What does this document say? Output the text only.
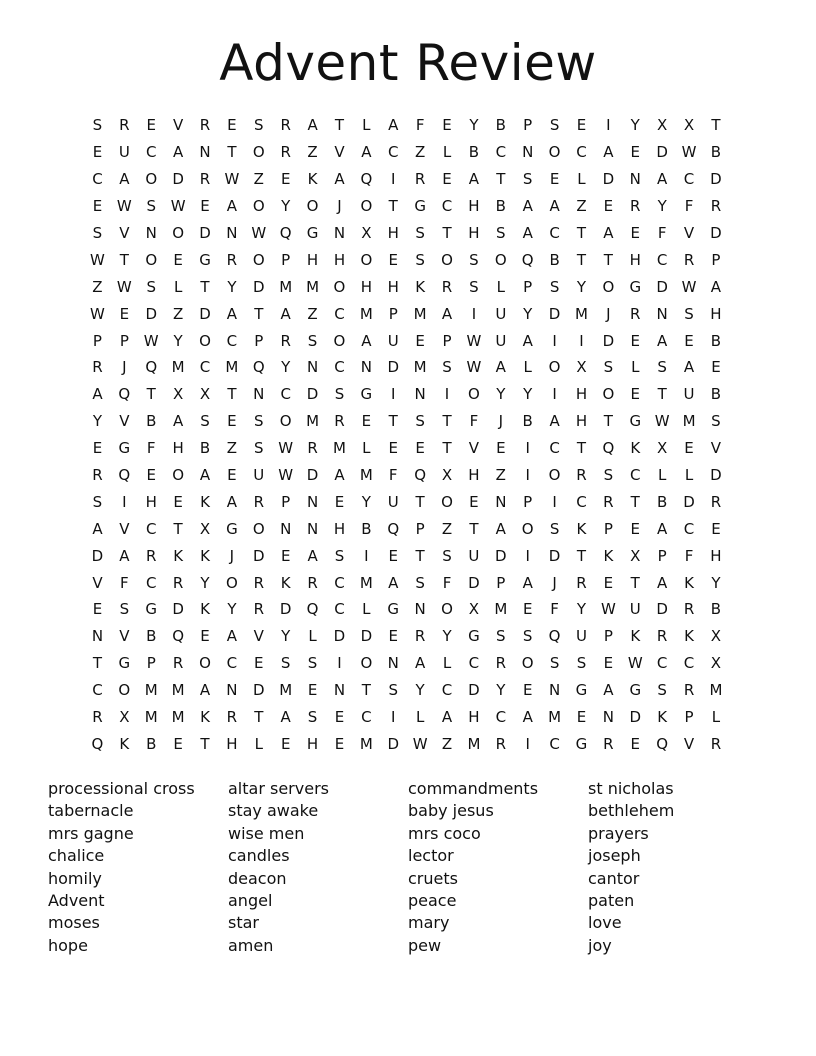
Advent Review
S	R	E	V	R	E	S	R	A	T	L	A	F	E	Y	B	P	S	E	I	Y	X	X	T
E	U	C	A	N	T	O	R	Z	V	A	C	Z	L	B	C	N	O	C	A	E	D W B
C	A	O	D	R W Z	E	K	A	Q	I	R	E	A	T	S	E	L	D	N	A	C	D
E W S W E	A	O	Y	O	J	O	T	G	C	H	B	A	A	Z	E	R	Y	F	R
S	V	N	O	D	N W Q	G	N	X	H	S	T	H	S	A	C	T	A	E	F	V	D
W T	O	E	G	R	O	P	H	H	O	E	S	O	S	O	Q	B	T	T	H	C	R	P
Z W S	L	T	Y	D M M O	H	H	K	R	S	L	P	S	Y	O	G	D W A
W E	D	Z	D	A	T	A	Z	C	M	P	M	A	I	U	Y	D M	J	R	N	S	H
P	P W Y	O	C	P	R	S	O	A	U	E	P W U	A	I	I	D	E	A	E	B
R	J	Q M	C	M Q	Y	N	C	N	D M	S W A	L	O	X	S	L	S	A	E
A	Q	T	X	X	T	N	C	D	S	G	I	N	I	O	Y	Y	I	H	O	E	T	U	B
Y	V	B	A	S	E	S	O M	R	E	T	S	T	F	J	B	A	H	T	G W M	S
E	G	F	H	B	Z	S W R	M	L	E	E	T	V	E	I	C	T	Q	K	X	E	V
R	Q	E	O	A	E	U W D	A	M	F	Q	X	H	Z	I	O	R	S	C	L	L	D
S	I	H	E	K	A	R	P	N	E	Y	U	T	O	E	N	P	I	C	R	T	B	D	R
A	V	C	T	X	G	O	N	N	H	B	Q	P	Z	T	A	O	S	K	P	E	A	C	E
D	A	R	K	K	J	D	E	A	S	I	E	T	S	U	D	I	D	T	K	X	P	F	H
V	F	C	R	Y	O	R	K	R	C	M	A	S	F	D	P	A	J	R	E	T	A	K	Y
E	S	G	D	K	Y	R	D	Q	C	L	G	N	O	X	M	E	F	Y W U	D	R	B
N	V	B	Q	E	A	V	Y	L	D	D	E	R	Y	G	S	S	Q	U	P	K	R	K	X
T	G	P	R	O	C	E	S	S	I	O	N	A	L	C	R	O	S	S	E W C	C	X
C	O M M	A	N	D M	E	N	T	S	Y	C	D	Y	E	N	G	A	G	S	R	M
R	X	M M	K	R	T	A	S	E	C	I	L	A	H	C	A	M	E	N	D	K	P	L
Q	K	B	E	T	H	L	E	H	E	M D W Z	M	R	I	C	G	R	E	Q	V	R
processional cross
tabernacle
mrs gagne
chalice
homily
Advent
moses
hope
altar servers
stay awake
wise men
candles
deacon
angel
star
amen
commandments
baby jesus
mrs coco
lector
cruets
peace
mary
pew
st nicholas
bethlehem
prayers
joseph
cantor
paten
love
joy
